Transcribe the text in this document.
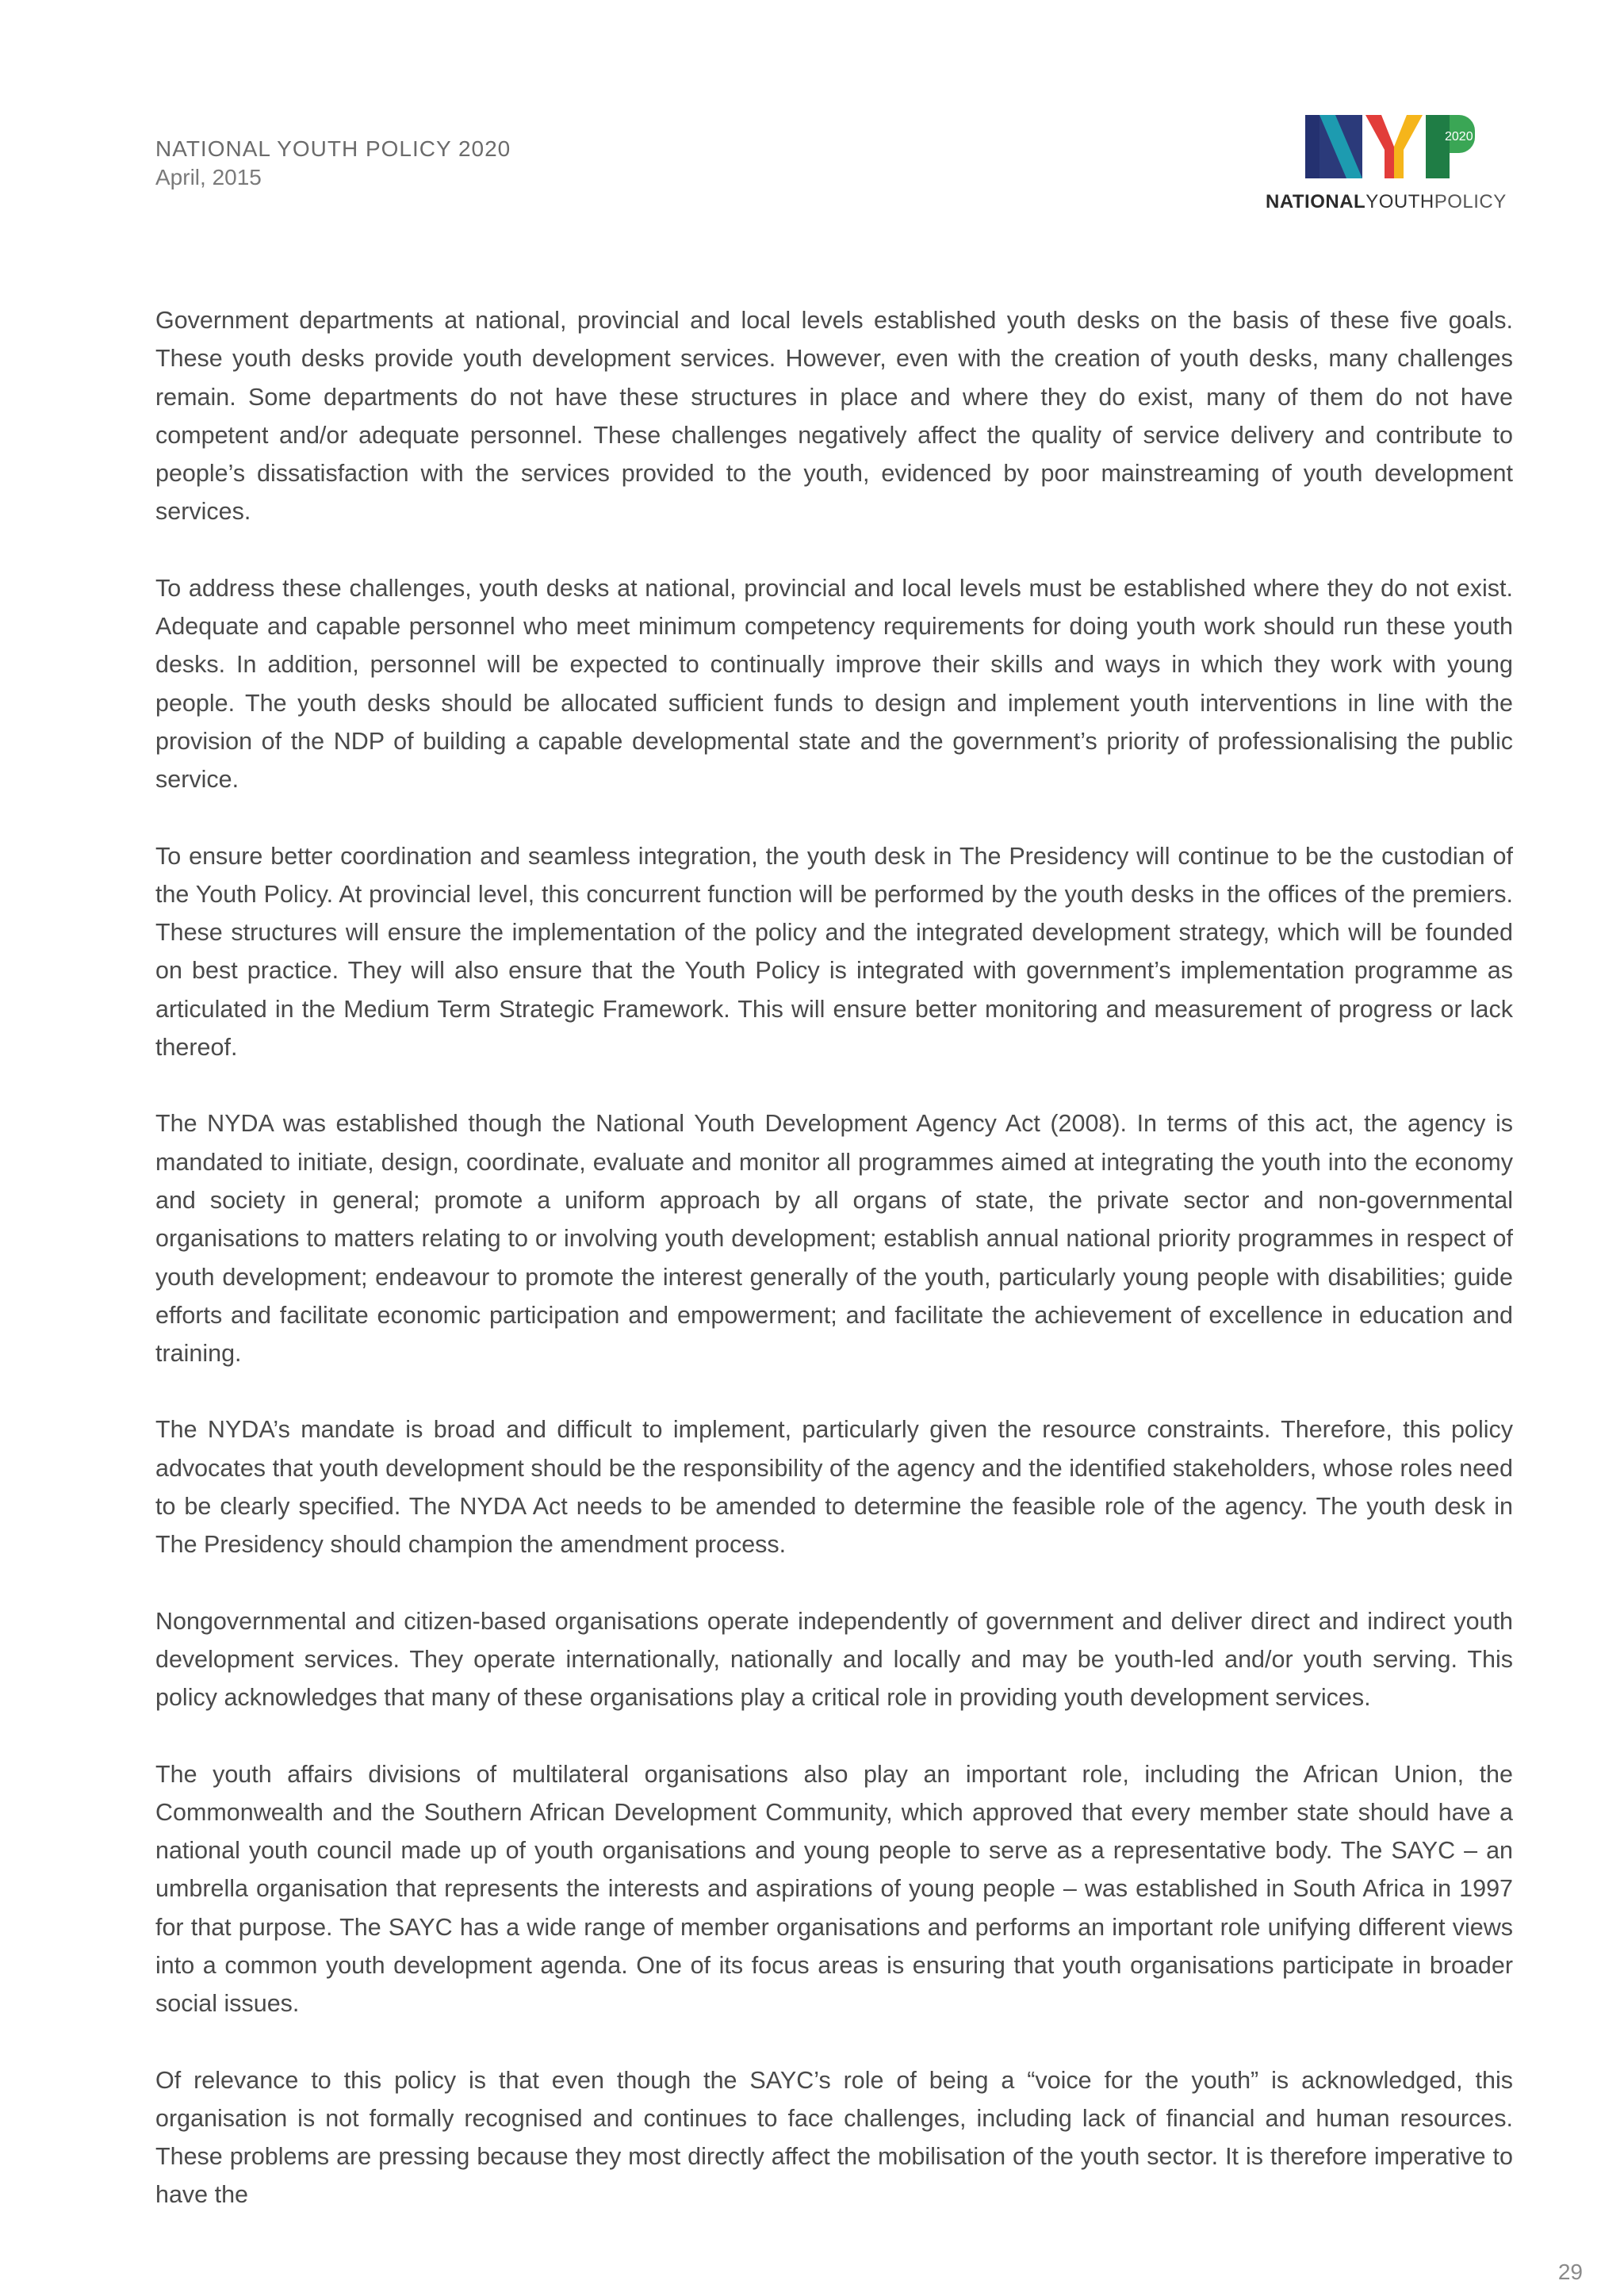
NATIONAL YOUTH POLICY 2020
April, 2015
2020
NATIONALYOUTHPOLICY

Government departments at national, provincial and local levels established youth desks on the basis of these five goals. These youth desks provide youth development services. However, even with the creation of youth desks, many challenges remain. Some departments do not have these structures in place and where they do exist, many of them do not have competent and/or adequate personnel. These challenges negatively affect the quality of service delivery and contribute to people’s dissatisfaction with the services provided to the youth, evidenced by poor mainstreaming of youth development services.

To address these challenges, youth desks at national, provincial and local levels must be established where they do not exist. Adequate and capable personnel who meet minimum competency requirements for doing youth work should run these youth desks. In addition, personnel will be expected to continually improve their skills and ways in which they work with young people. The youth desks should be allocated sufficient funds to design and implement youth interventions in line with the provision of the NDP of building a capable developmental state and the government’s priority of professionalising the public service.

To ensure better coordination and seamless integration, the youth desk in The Presidency will continue to be the custodian of the Youth Policy. At provincial level, this concurrent function will be performed by the youth desks in the offices of the premiers. These structures will ensure the implementation of the policy and the integrated development strategy, which will be founded on best practice. They will also ensure that the Youth Policy is integrated with government’s implementation programme as articulated in the Medium Term Strategic Framework. This will ensure better monitoring and measurement of progress or lack thereof.

The NYDA was established though the National Youth Development Agency Act (2008). In terms of this act, the agency is mandated to initiate, design, coordinate, evaluate and monitor all programmes aimed at integrating the youth into the economy and society in general; promote a uniform approach by all organs of state, the private sector and non-governmental organisations to matters relating to or involving youth development; establish annual national priority programmes in respect of youth development; endeavour to promote the interest generally of the youth, particularly young people with disabilities; guide efforts and facilitate economic participation and empowerment; and facilitate the achievement of excellence in education and training.

The NYDA’s mandate is broad and difficult to implement, particularly given the resource constraints. Therefore, this policy advocates that youth development should be the responsibility of the agency and the identified stakeholders, whose roles need to be clearly specified. The NYDA Act needs to be amended to determine the feasible role of the agency. The youth desk in The Presidency should champion the amendment process.

Nongovernmental and citizen-based organisations operate independently of government and deliver direct and indirect youth development services. They operate internationally, nationally and locally and may be youth-led and/or youth serving. This policy acknowledges that many of these organisations play a critical role in providing youth development services.

The youth affairs divisions of multilateral organisations also play an important role, including the African Union, the Commonwealth and the Southern African Development Community, which approved that every member state should have a national youth council made up of youth organisations and young people to serve as a representative body. The SAYC – an umbrella organisation that represents the interests and aspirations of young people – was established in South Africa in 1997 for that purpose. The SAYC has a wide range of member organisations and performs an important role unifying different views into a common youth development agenda. One of its focus areas is ensuring that youth organisations participate in broader social issues.

Of relevance to this policy is that even though the SAYC’s role of being a “voice for the youth” is acknowledged, this organisation is not formally recognised and continues to face challenges, including lack of financial and human resources. These problems are pressing because they most directly affect the mobilisation of the youth sector. It is therefore imperative to have the

29
